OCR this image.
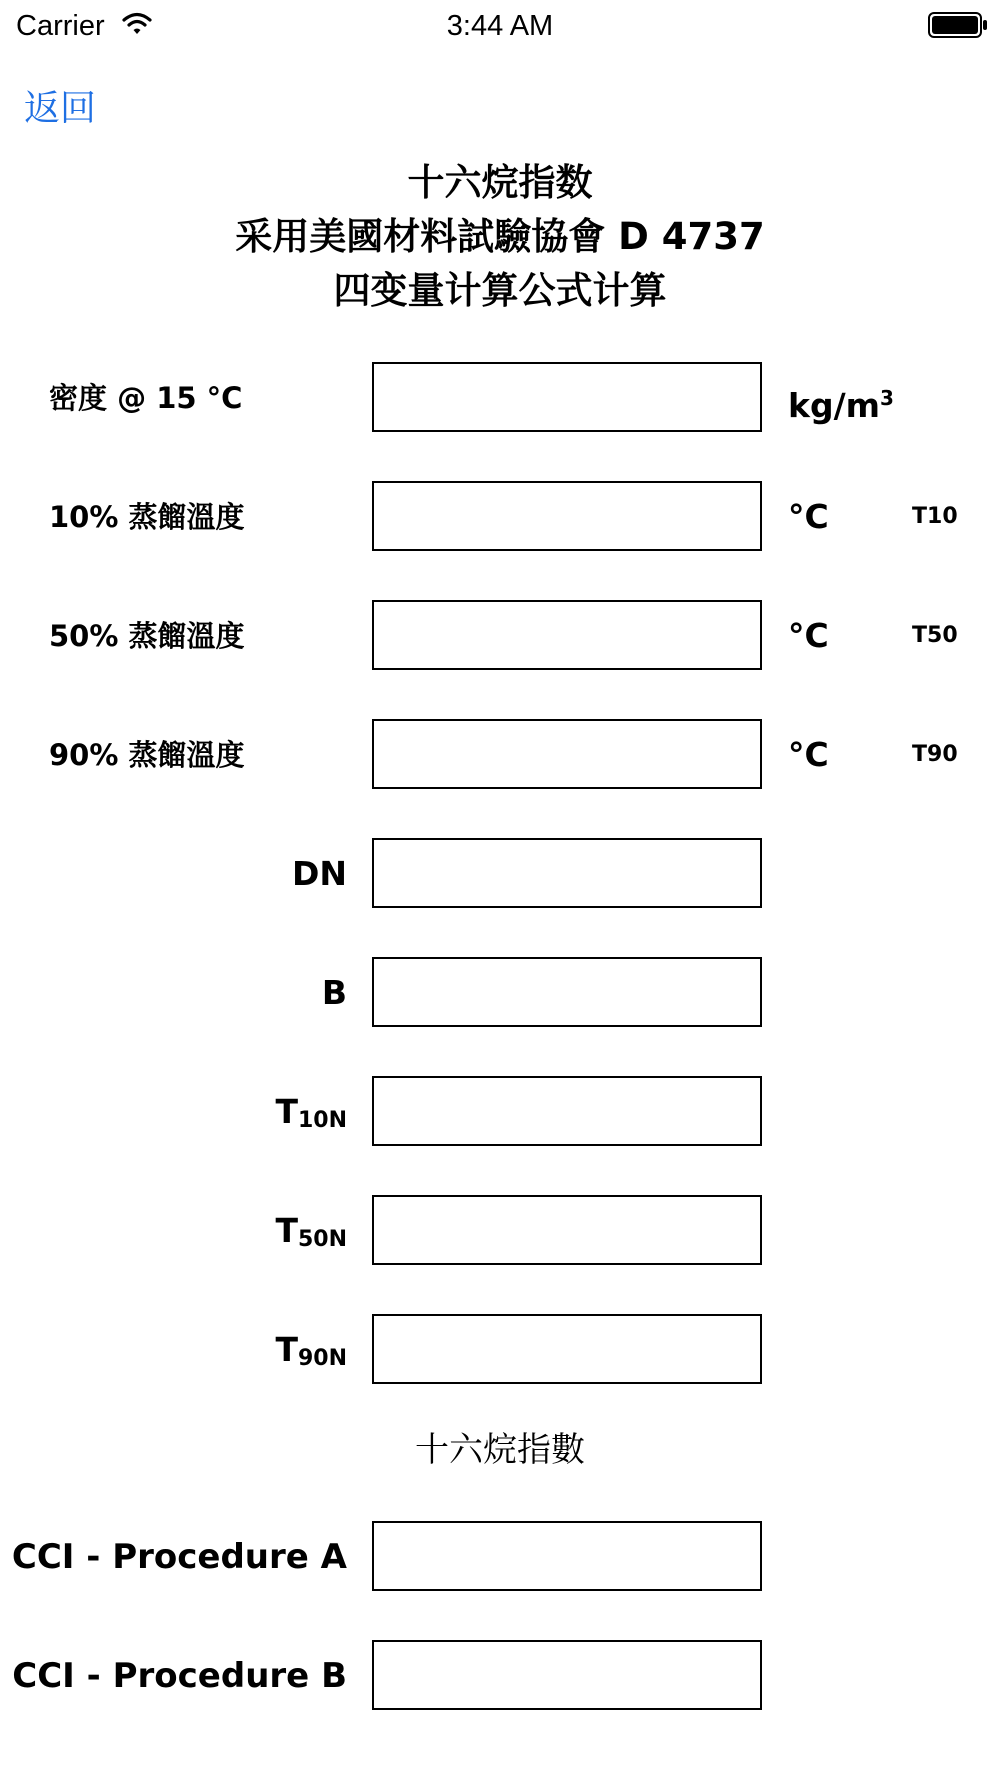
Carrier	3:44 AM
返回
十六烷指数
采用美國材料試驗協會 D 4737
四变量计算公式计算
密度 @ 15 °C	$kg/m^3$
10% 蒸餾溫度	°C	T10
50% 蒸餾溫度	°C	T50
90% 蒸餾溫度	°C	T90
DN
B
T10N
T50N
T90N
十六烷指數
CCI - Procedure A
CCI - Procedure B
